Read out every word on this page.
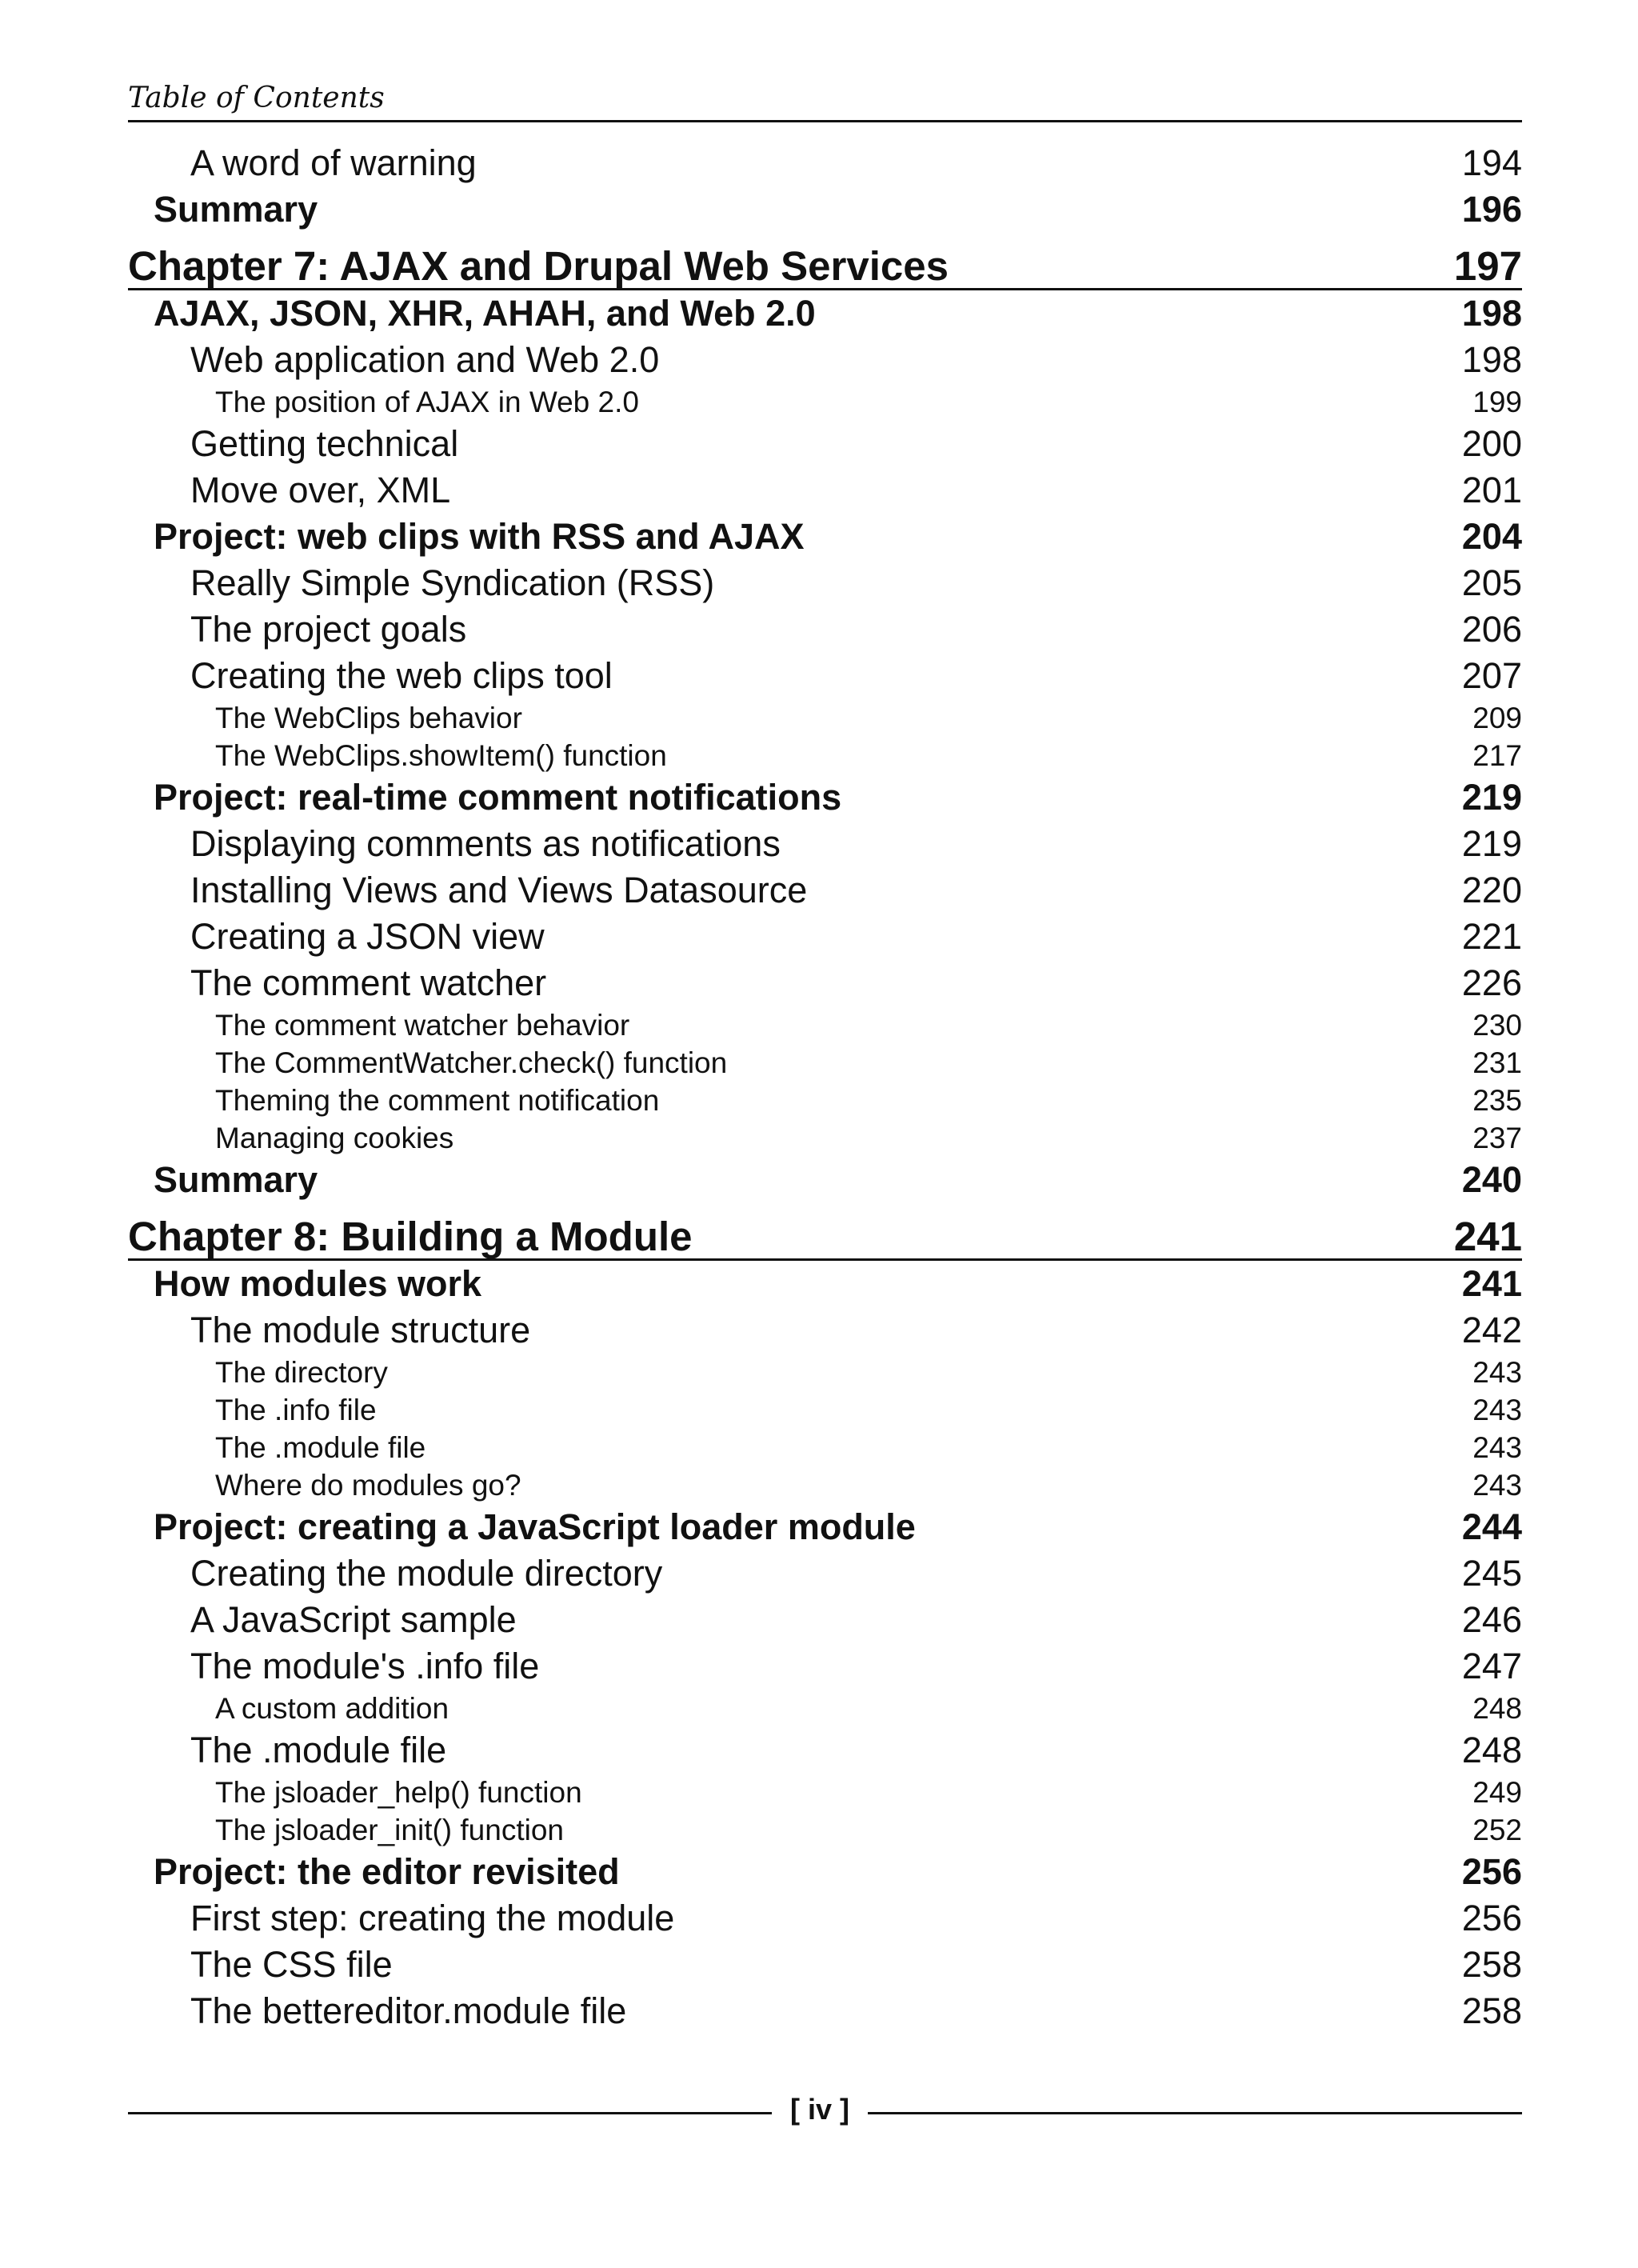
Table of Contents
A word of warning	194
Summary	196
Chapter 7: AJAX and Drupal Web Services	197
AJAX, JSON, XHR, AHAH, and Web 2.0	198
Web application and Web 2.0	198
The position of AJAX in Web 2.0	199
Getting technical	200
Move over, XML	201
Project: web clips with RSS and AJAX	204
Really Simple Syndication (RSS)	205
The project goals	206
Creating the web clips tool	207
The WebClips behavior	209
The WebClips.showItem() function	217
Project: real-time comment notifications	219
Displaying comments as notifications	219
Installing Views and Views Datasource	220
Creating a JSON view	221
The comment watcher	226
The comment watcher behavior	230
The CommentWatcher.check() function	231
Theming the comment notification	235
Managing cookies	237
Summary	240
Chapter 8: Building a Module	241
How modules work	241
The module structure	242
The directory	243
The .info file	243
The .module file	243
Where do modules go?	243
Project: creating a JavaScript loader module	244
Creating the module directory	245
A JavaScript sample	246
The module's .info file	247
A custom addition	248
The .module file	248
The jsloader_help() function	249
The jsloader_init() function	252
Project: the editor revisited	256
First step: creating the module	256
The CSS file	258
The bettereditor.module file	258
[ iv ]
